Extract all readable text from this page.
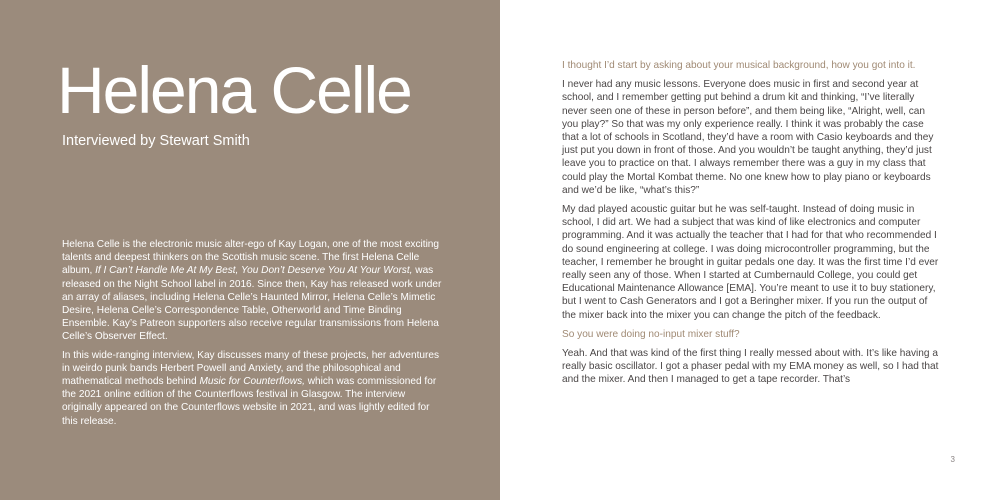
Helena Celle

Interviewed by Stewart Smith

Helena Celle is the electronic music alter-ego of Kay Logan, one of the most exciting talents and deepest thinkers on the Scottish music scene. The first Helena Celle album, If I Can’t Handle Me At My Best, You Don’t Deserve You At Your Worst, was released on the Night School label in 2016. Since then, Kay has released work under an array of aliases, including Helena Celle’s Haunted Mirror, Helena Celle’s Mimetic Desire, Helena Celle’s Correspondence Table, Otherworld and Time Binding Ensemble. Kay’s Patreon supporters also receive regular transmissions from Helena Celle’s Observer Effect.

In this wide-ranging interview, Kay discusses many of these projects, her adventures in weirdo punk bands Herbert Powell and Anxiety, and the philosophical and mathematical methods behind Music for Counterflows, which was commissioned for the 2021 online edition of the Counterflows festival in Glasgow. The interview originally appeared on the Counterflows website in 2021, and was lightly edited for this release.

I thought I’d start by asking about your musical background, how you got into it.

I never had any music lessons. Everyone does music in first and second year at school, and I remember getting put behind a drum kit and thinking, “I’ve literally never seen one of these in person before”, and them being like, “Alright, well, can you play?” So that was my only experience really. I think it was probably the case that a lot of schools in Scotland, they’d have a room with Casio keyboards and they just put you down in front of those. And you wouldn’t be taught anything, they’d just leave you to practice on that. I always remember there was a guy in my class that could play the Mortal Kombat theme. No one knew how to play piano or keyboards and we’d be like, “what’s this?”

My dad played acoustic guitar but he was self-taught. Instead of doing music in school, I did art. We had a subject that was kind of like electronics and computer programming. And it was actually the teacher that I had for that who recommended I do sound engineering at college. I was doing microcontroller programming, but the teacher, I remember he brought in guitar pedals one day. It was the first time I’d ever really seen any of those. When I started at Cumbernauld College, you could get Educational Maintenance Allowance [EMA]. You’re meant to use it to buy stationery, but I went to Cash Generators and I got a Beringher mixer. If you run the output of the mixer back into the mixer you can change the pitch of the feedback.

So you were doing no-input mixer stuff?

Yeah. And that was kind of the first thing I really messed about with. It’s like having a really basic oscillator. I got a phaser pedal with my EMA money as well, so I had that and the mixer. And then I managed to get a tape recorder. That’s

3
